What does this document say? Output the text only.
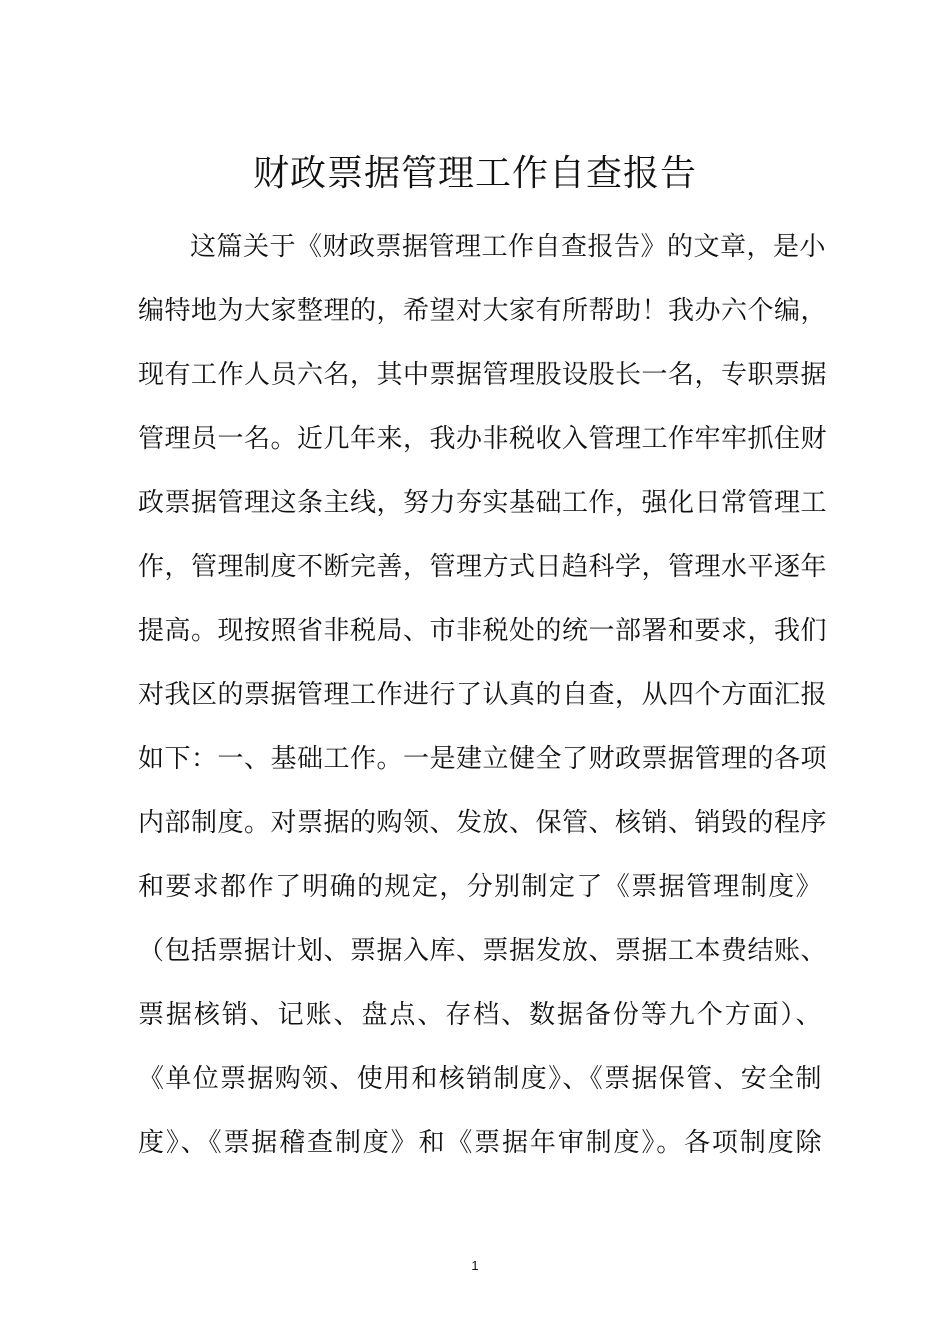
财政票据管理工作自查报告
这篇关于《财政票据管理工作自查报告》的文章，是小
编特地为大家整理的，希望对大家有所帮助！我办六个编，
现有工作人员六名，其中票据管理股设股长一名，专职票据
管理员一名。近几年来，我办非税收入管理工作牢牢抓住财
政票据管理这条主线，努力夯实基础工作，强化日常管理工
作，管理制度不断完善，管理方式日趋科学，管理水平逐年
提高。现按照省非税局、市非税处的统一部署和要求，我们
对我区的票据管理工作进行了认真的自查，从四个方面汇报
如下：一、基础工作。一是建立健全了财政票据管理的各项
内部制度。对票据的购领、发放、保管、核销、销毁的程序
和要求都作了明确的规定，分别制定了《票据管理制度》
（包括票据计划、票据入库、票据发放、票据工本费结账、
票据核销、记账、盘点、存档、数据备份等九个方面）、
《单位票据购领、使用和核销制度》、《票据保管、安全制
度》、《票据稽查制度》和《票据年审制度》。各项制度除
1
